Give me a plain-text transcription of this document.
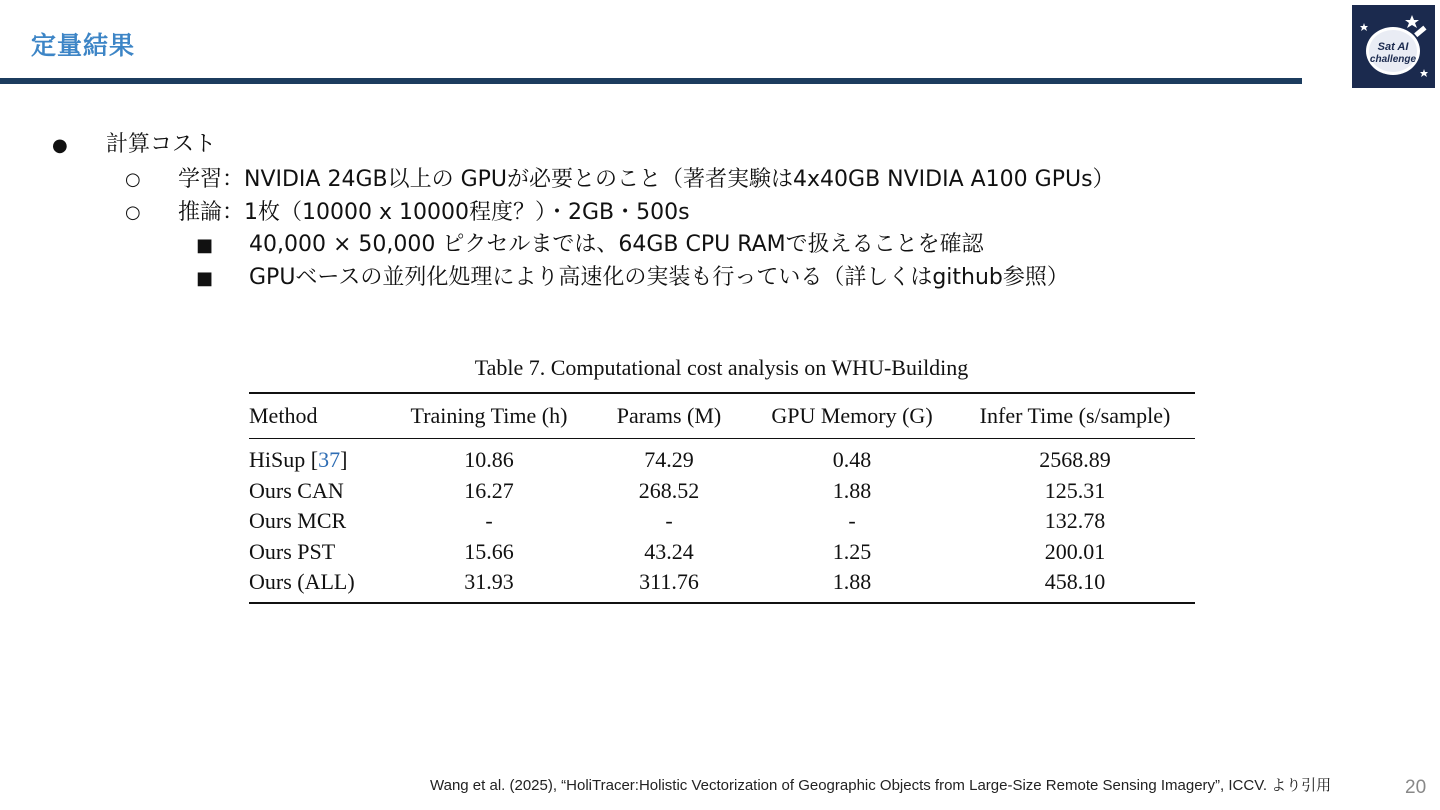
定量結果	Sat AI
challenge
● 計算コスト
○ 学習：NVIDIA 24GB以上の GPUが必要とのこと（著者実験は4x40GB NVIDIA A100 GPUs）
○ 推論：1枚（10000 x 10000程度？）・2GB・500s
■ 40,000 × 50,000 ピクセルまでは、64GB CPU RAMで扱えることを確認
■ GPUベースの並列化処理により高速化の実装も行っている（詳しくはgithub参照）
Table 7. Computational cost analysis on WHU-Building
Method	Training Time (h)	Params (M)	GPU Memory (G)	Infer Time (s/sample)
HiSup [37]	10.86	74.29	0.48	2568.89
Ours CAN	16.27	268.52	1.88	125.31
Ours MCR	-	-	-	132.78
Ours PST	15.66	43.24	1.25	200.01
Ours (ALL)	31.93	311.76	1.88	458.10
Wang et al. (2025), “HoliTracer:Holistic Vectorization of Geographic Objects from Large-Size Remote Sensing Imagery”, ICCV. より引用	20
